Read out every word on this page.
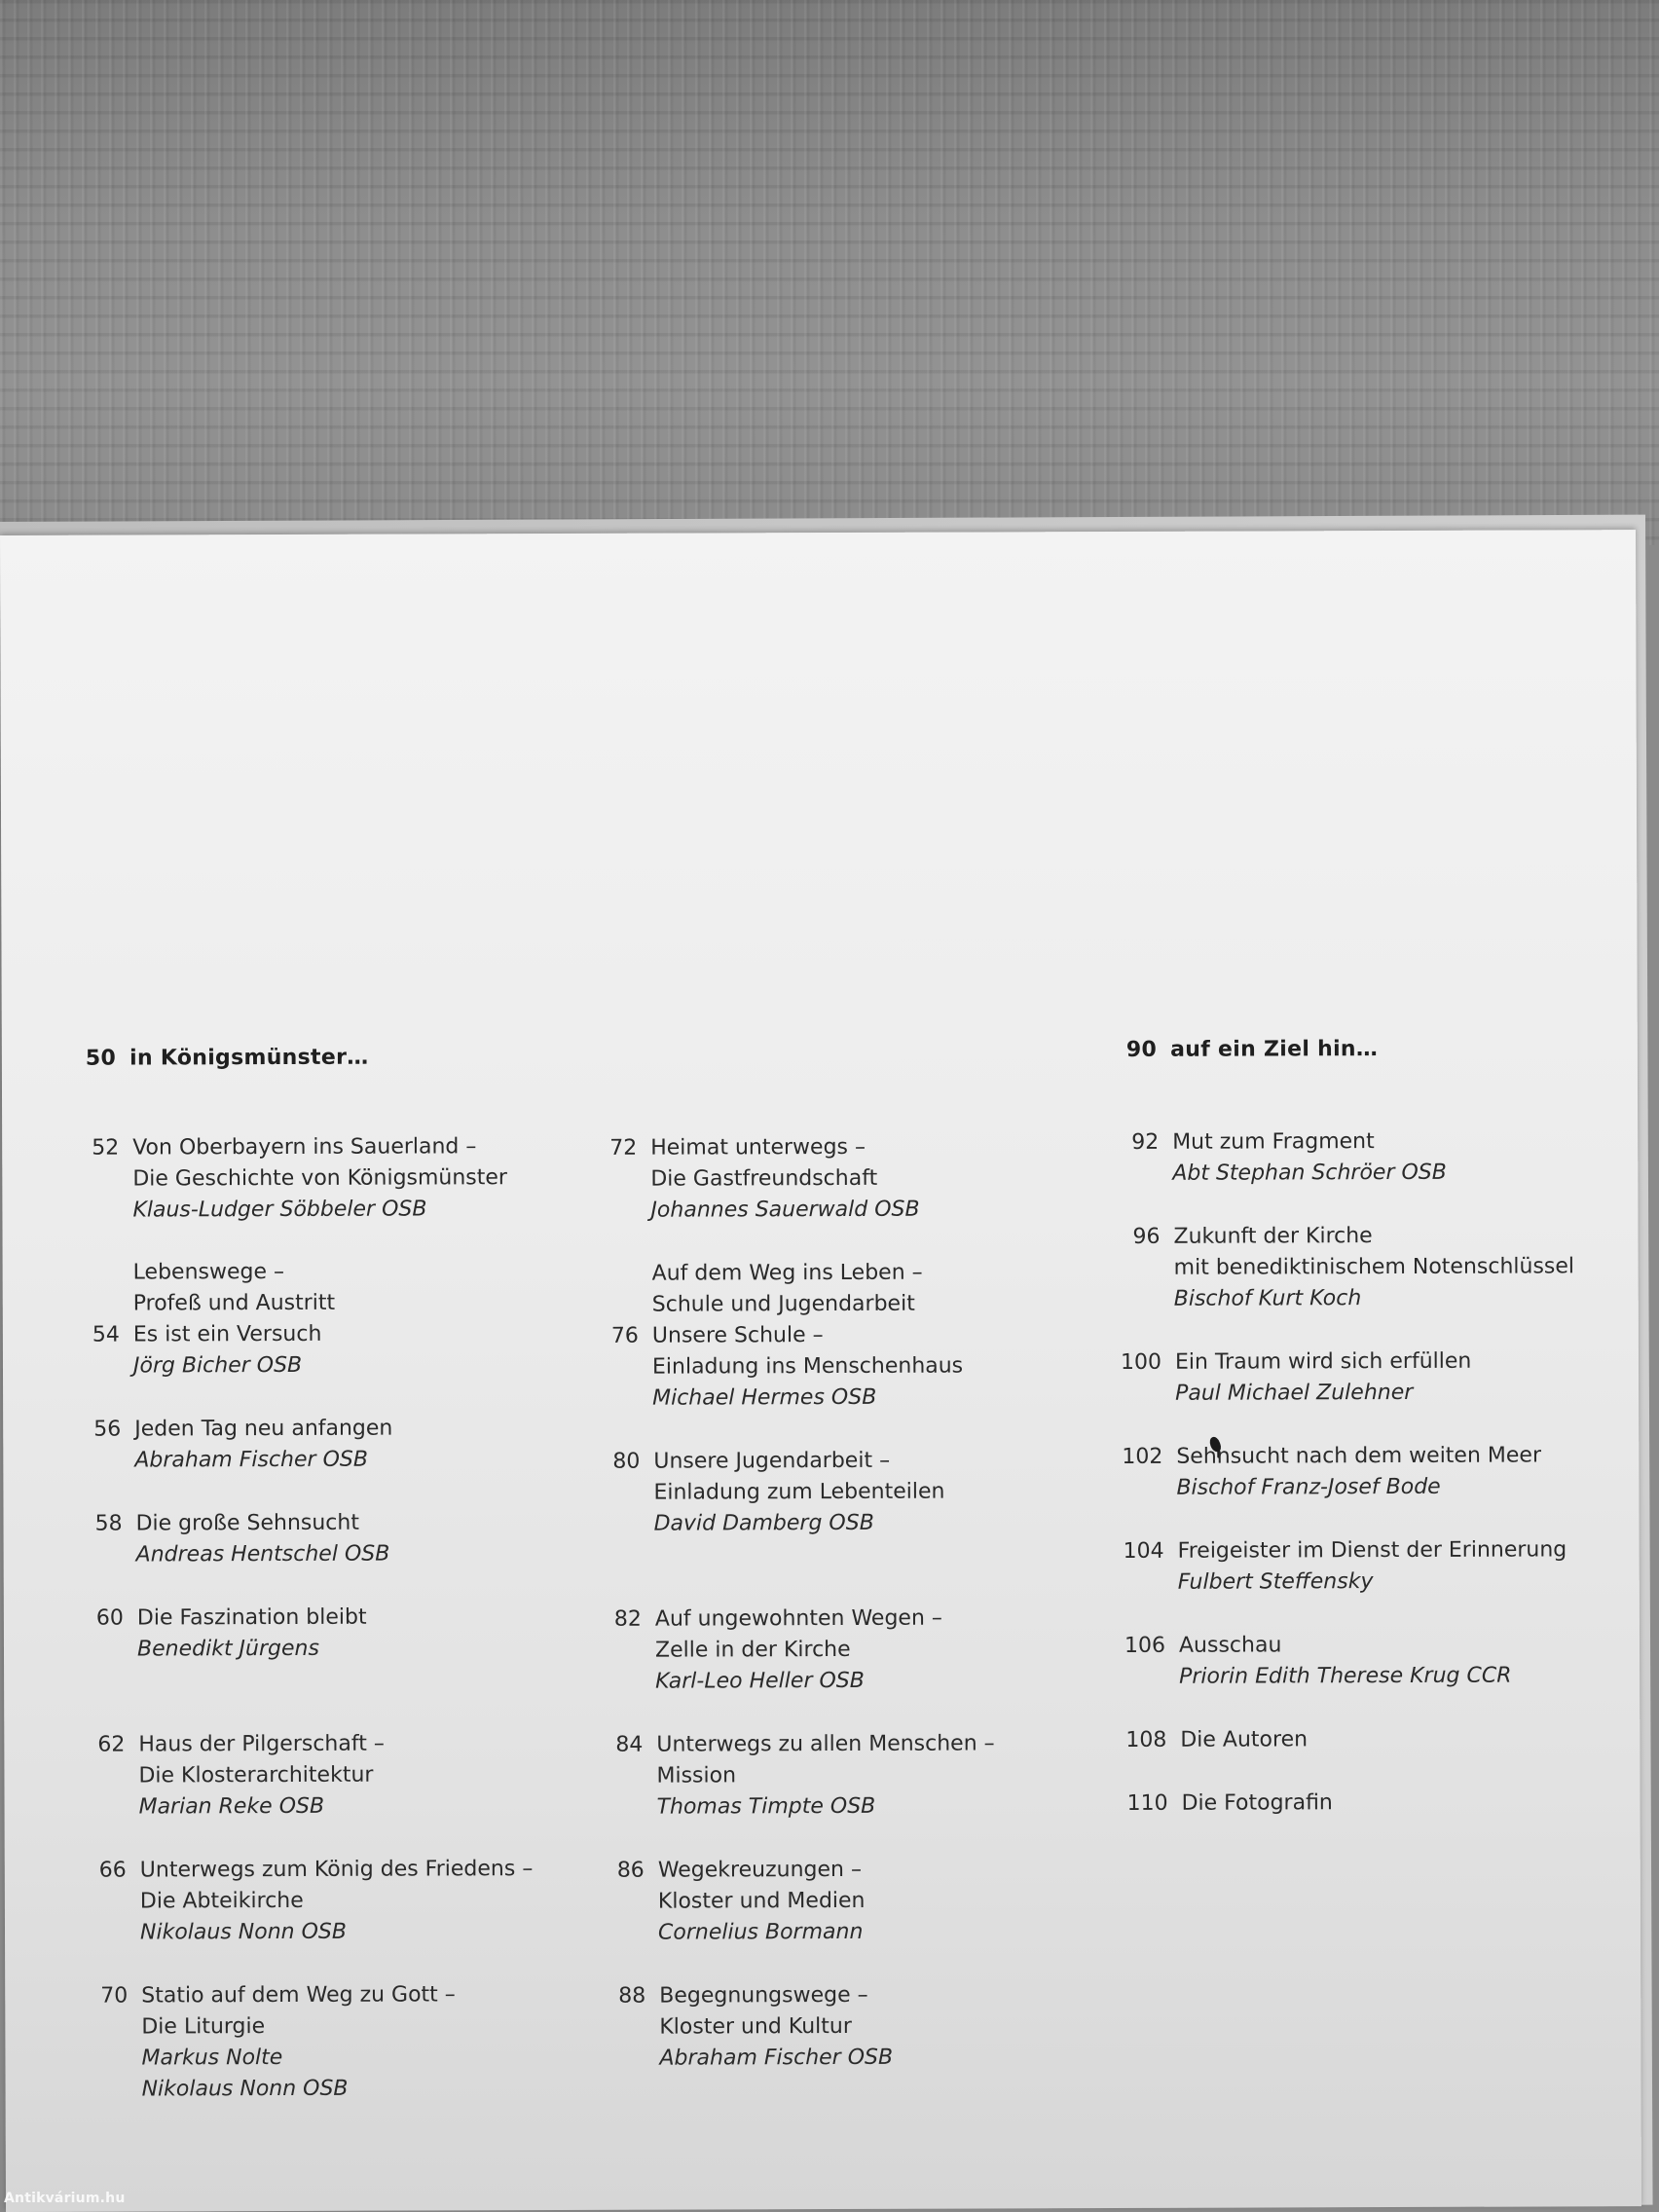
50 in Königsmünster…	90 auf ein Ziel hin…
52 Von Oberbayern ins Sauerland –
Die Geschichte von Königsmünster
Klaus-Ludger Söbbeler OSB
Lebenswege –
Profeß und Austritt
54 Es ist ein Versuch
Jörg Bicher OSB
56 Jeden Tag neu anfangen
Abraham Fischer OSB
58 Die große Sehnsucht
Andreas Hentschel OSB
60 Die Faszination bleibt
Benedikt Jürgens
62 Haus der Pilgerschaft –
Die Klosterarchitektur
Marian Reke OSB
66 Unterwegs zum König des Friedens –
Die Abteikirche
Nikolaus Nonn OSB
70 Statio auf dem Weg zu Gott –
Die Liturgie
Markus Nolte
Nikolaus Nonn OSB
72 Heimat unterwegs –
Die Gastfreundschaft
Johannes Sauerwald OSB
Auf dem Weg ins Leben –
Schule und Jugendarbeit
76 Unsere Schule –
Einladung ins Menschenhaus
Michael Hermes OSB
80 Unsere Jugendarbeit –
Einladung zum Lebenteilen
David Damberg OSB
82 Auf ungewohnten Wegen –
Zelle in der Kirche
Karl-Leo Heller OSB
84 Unterwegs zu allen Menschen –
Mission
Thomas Timpte OSB
86 Wegekreuzungen –
Kloster und Medien
Cornelius Bormann
88 Begegnungswege –
Kloster und Kultur
Abraham Fischer OSB
92 Mut zum Fragment
Abt Stephan Schröer OSB
96 Zukunft der Kirche
mit benediktinischem Notenschlüssel
Bischof Kurt Koch
100 Ein Traum wird sich erfüllen
Paul Michael Zulehner
102 Sehnsucht nach dem weiten Meer
Bischof Franz-Josef Bode
104 Freigeister im Dienst der Erinnerung
Fulbert Steffensky
106 Ausschau
Priorin Edith Therese Krug CCR
108 Die Autoren
110 Die Fotografin
Antikvárium.hu
